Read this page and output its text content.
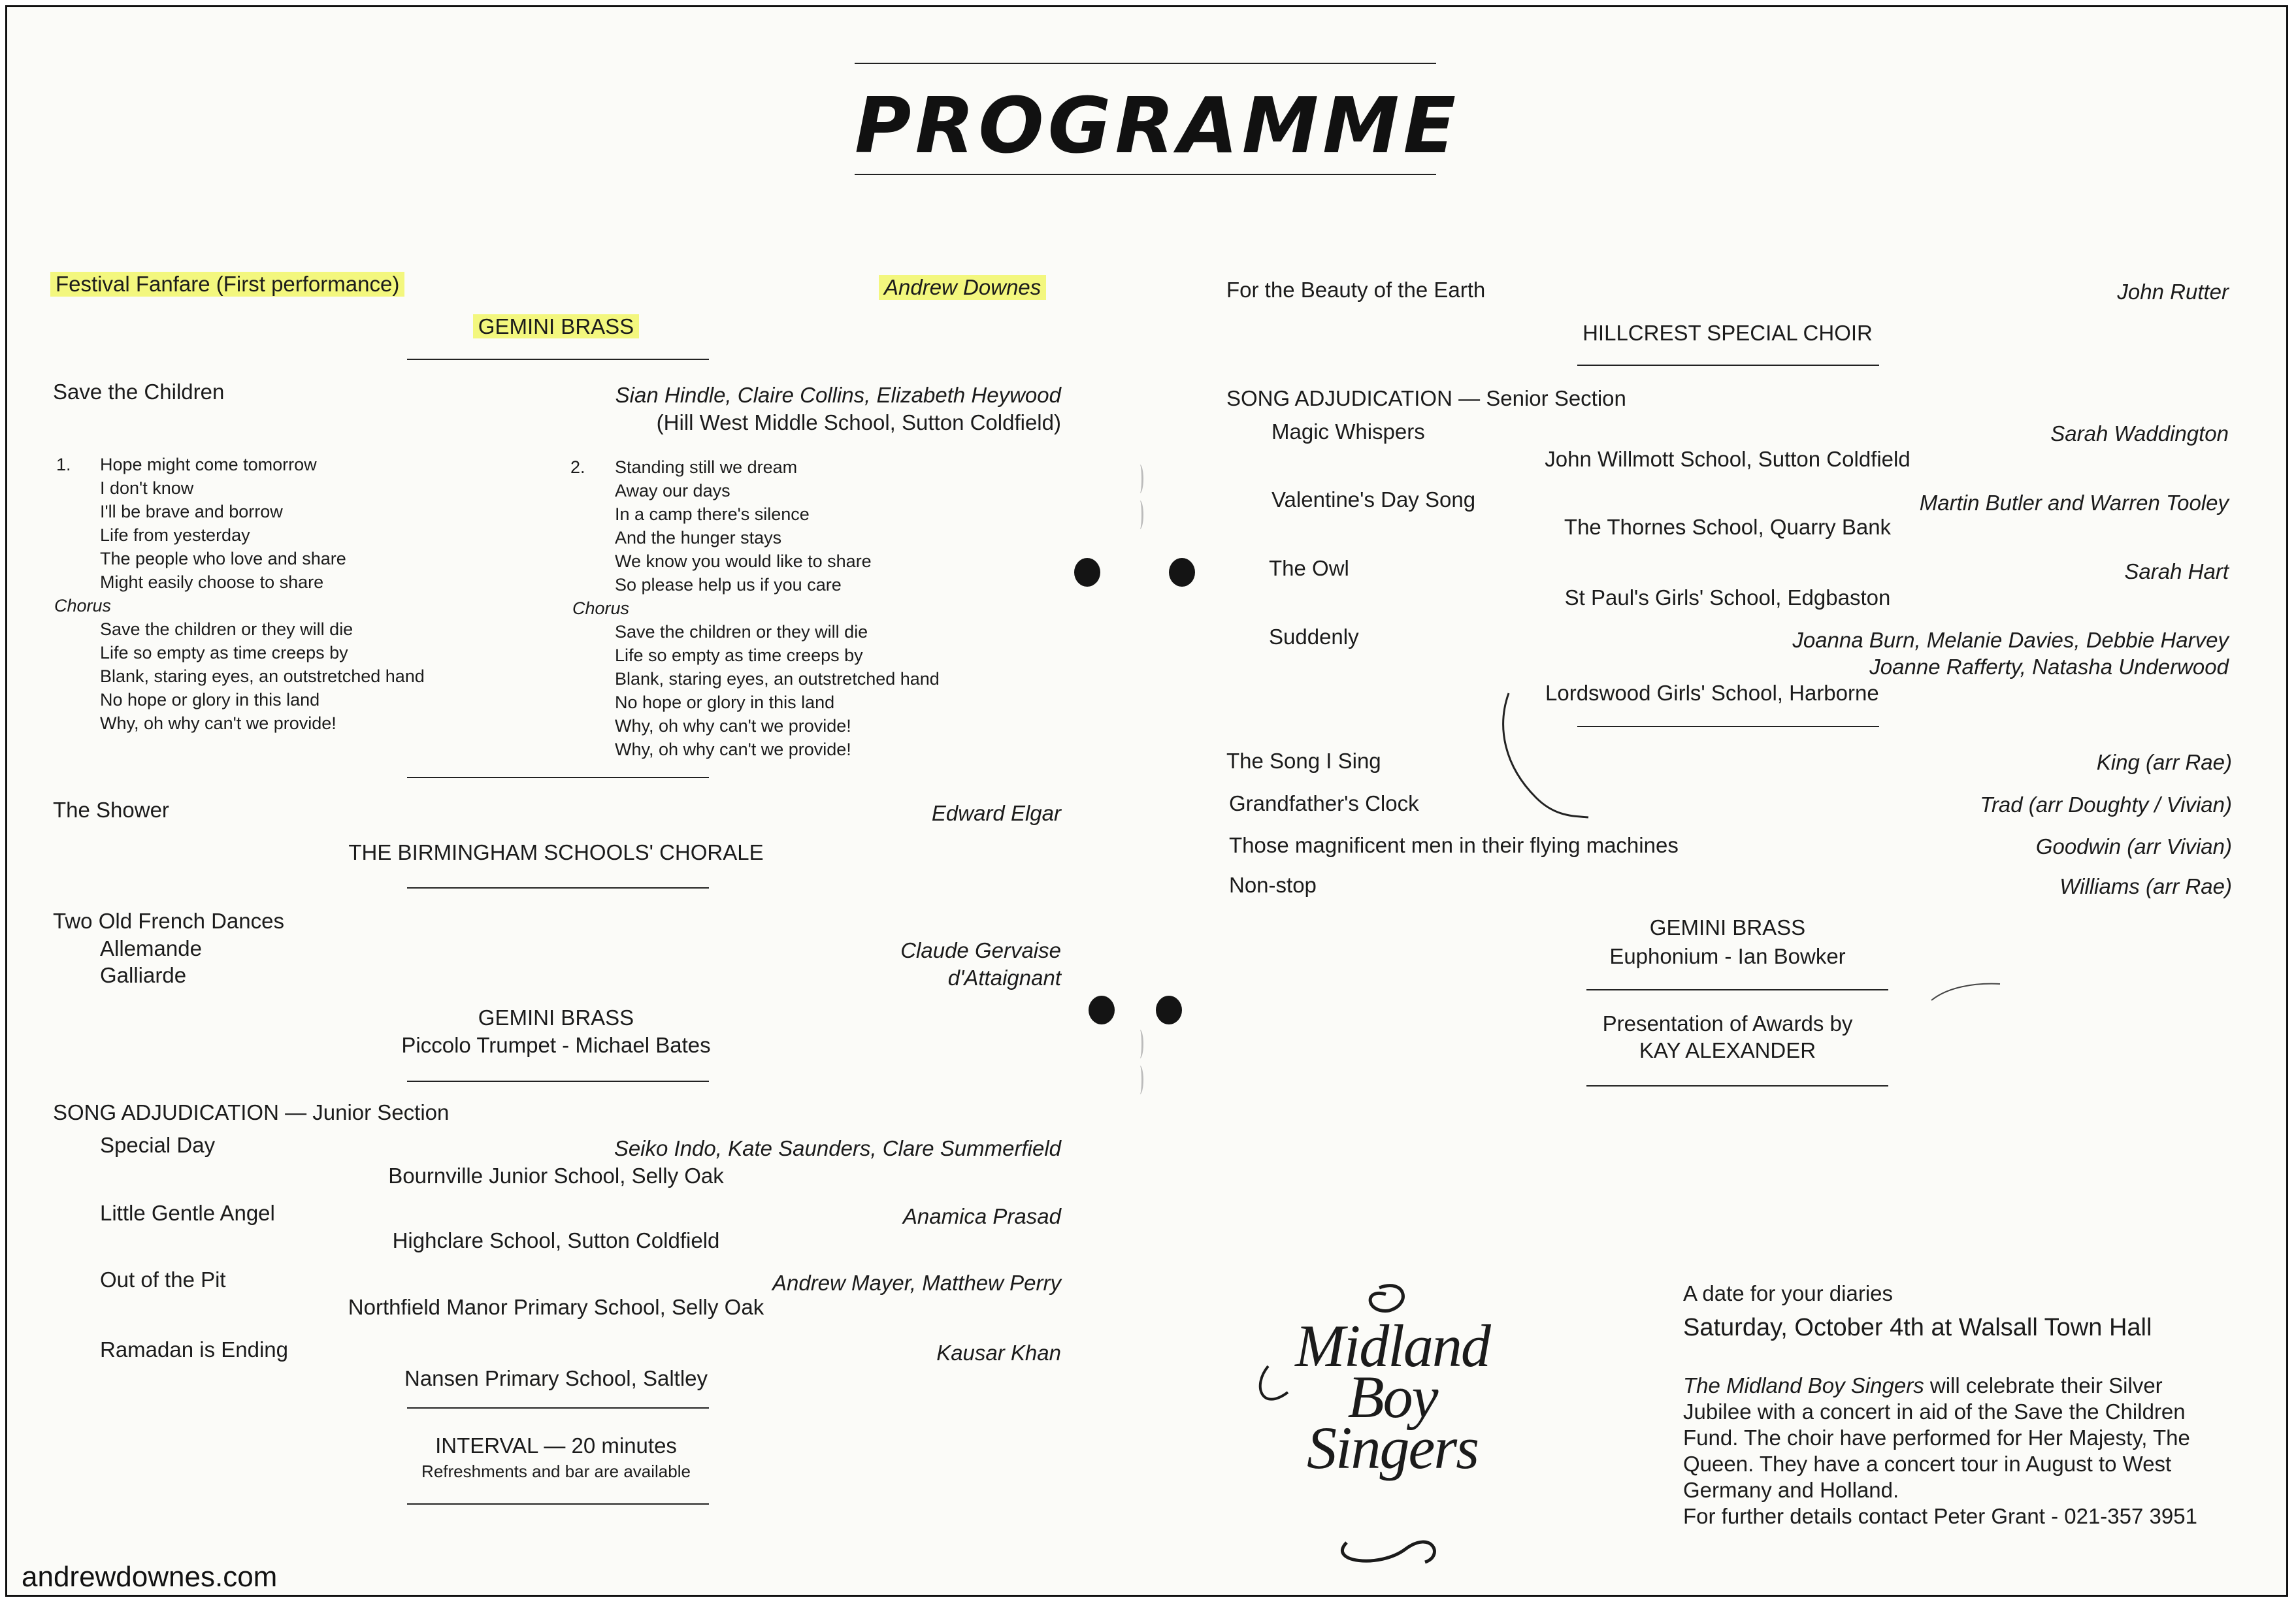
PROGRAMME
Festival Fanfare (First performance)	Andrew Downes
GEMINI BRASS
Save the Children	Sian Hindle, Claire Collins, Elizabeth Heywood
(Hill West Middle School, Sutton Coldfield)
1. Hope might come tomorrow
I don't know
I'll be brave and borrow
Life from yesterday
The people who love and share
Might easily choose to share
Chorus
Save the children or they will die
Life so empty as time creeps by
Blank, staring eyes, an outstretched hand
No hope or glory in this land
Why, oh why can't we provide!
2. Standing still we dream
Away our days
In a camp there's silence
And the hunger stays
We know you would like to share
So please help us if you care
Chorus
Save the children or they will die
Life so empty as time creeps by
Blank, staring eyes, an outstretched hand
No hope or glory in this land
Why, oh why can't we provide!
Why, oh why can't we provide!
The Shower	Edward Elgar
THE BIRMINGHAM SCHOOLS' CHORALE
Two Old French Dances
Allemande
Galliarde
Claude Gervaise
d'Attaignant
GEMINI BRASS
Piccolo Trumpet - Michael Bates
SONG ADJUDICATION — Junior Section
Special Day	Seiko Indo, Kate Saunders, Clare Summerfield
Bournville Junior School, Selly Oak
Little Gentle Angel	Anamica Prasad
Highclare School, Sutton Coldfield
Out of the Pit	Andrew Mayer, Matthew Perry
Northfield Manor Primary School, Selly Oak
Ramadan is Ending	Kausar Khan
Nansen Primary School, Saltley
INTERVAL — 20 minutes
Refreshments and bar are available
For the Beauty of the Earth	John Rutter
HILLCREST SPECIAL CHOIR
SONG ADJUDICATION — Senior Section
Magic Whispers	Sarah Waddington
John Willmott School, Sutton Coldfield
Valentine's Day Song	Martin Butler and Warren Tooley
The Thornes School, Quarry Bank
The Owl	Sarah Hart
St Paul's Girls' School, Edgbaston
Suddenly	Joanna Burn, Melanie Davies, Debbie Harvey
Joanne Rafferty, Natasha Underwood
Lordswood Girls' School, Harborne
The Song I Sing	King (arr Rae)
Grandfather's Clock	Trad (arr Doughty / Vivian)
Those magnificent men in their flying machines	Goodwin (arr Vivian)
Non-stop	Williams (arr Rae)
GEMINI BRASS
Euphonium - Ian Bowker
Presentation of Awards by
KAY ALEXANDER
Midland
Boy
Singers
A date for your diaries
Saturday, October 4th at Walsall Town Hall
The Midland Boy Singers will celebrate their Silver
Jubilee with a concert in aid of the Save the Children
Fund. The choir have performed for Her Majesty, The
Queen. They have a concert tour in August to West
Germany and Holland.
For further details contact Peter Grant - 021-357 3951
andrewdownes.com
